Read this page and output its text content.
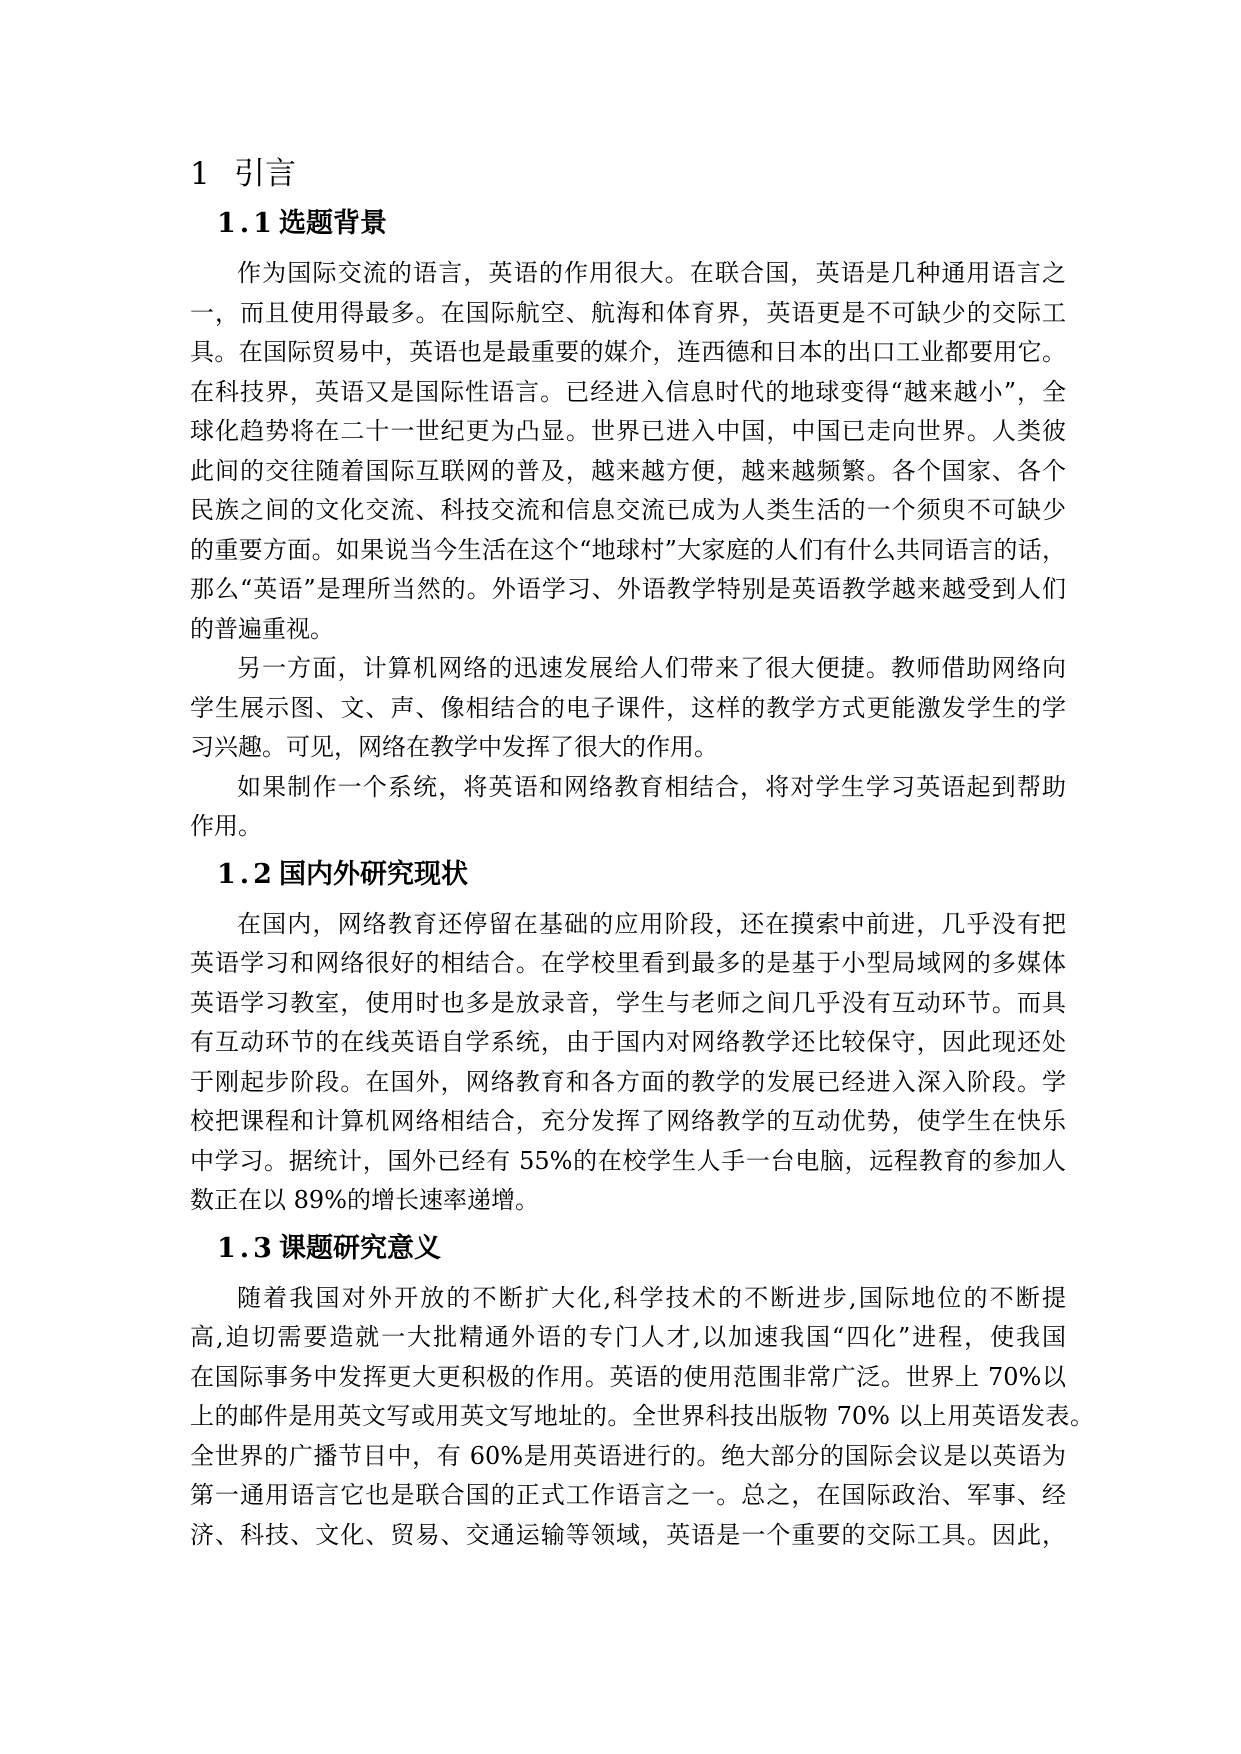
1 引言
1.1 选题背景
作为国际交流的语言，英语的作用很大。在联合国，英语是几种通用语言之
一，而且使用得最多。在国际航空、航海和体育界，英语更是不可缺少的交际工
具。在国际贸易中，英语也是最重要的媒介，连西德和日本的出口工业都要用它。
在科技界，英语又是国际性语言。已经进入信息时代的地球变得“越来越小”，全
球化趋势将在二十一世纪更为凸显。世界已进入中国，中国已走向世界。人类彼
此间的交往随着国际互联网的普及，越来越方便，越来越频繁。各个国家、各个
民族之间的文化交流、科技交流和信息交流已成为人类生活的一个须臾不可缺少
的重要方面。如果说当今生活在这个“地球村”大家庭的人们有什么共同语言的话，
那么“英语”是理所当然的。外语学习、外语教学特别是英语教学越来越受到人们
的普遍重视。
另一方面，计算机网络的迅速发展给人们带来了很大便捷。教师借助网络向
学生展示图、文、声、像相结合的电子课件，这样的教学方式更能激发学生的学
习兴趣。可见，网络在教学中发挥了很大的作用。
如果制作一个系统，将英语和网络教育相结合，将对学生学习英语起到帮助
作用。
1.2 国内外研究现状
在国内，网络教育还停留在基础的应用阶段，还在摸索中前进，几乎没有把
英语学习和网络很好的相结合。在学校里看到最多的是基于小型局域网的多媒体
英语学习教室，使用时也多是放录音，学生与老师之间几乎没有互动环节。而具
有互动环节的在线英语自学系统，由于国内对网络教学还比较保守，因此现还处
于刚起步阶段。在国外，网络教育和各方面的教学的发展已经进入深入阶段。学
校把课程和计算机网络相结合，充分发挥了网络教学的互动优势，使学生在快乐
中学习。据统计，国外已经有 55%的在校学生人手一台电脑，远程教育的参加人
数正在以 89%的增长速率递增。
1.3 课题研究意义
随着我国对外开放的不断扩大化,科学技术的不断进步,国际地位的不断提
高,迫切需要造就一大批精通外语的专门人才,以加速我国“四化”进程，使我国
在国际事务中发挥更大更积极的作用。英语的使用范围非常广泛。世界上 70%以
上的邮件是用英文写或用英文写地址的。全世界科技出版物 70% 以上用英语发表。
全世界的广播节目中，有 60%是用英语进行的。绝大部分的国际会议是以英语为
第一通用语言它也是联合国的正式工作语言之一。总之，在国际政治、军事、经
济、科技、文化、贸易、交通运输等领域，英语是一个重要的交际工具。因此，
